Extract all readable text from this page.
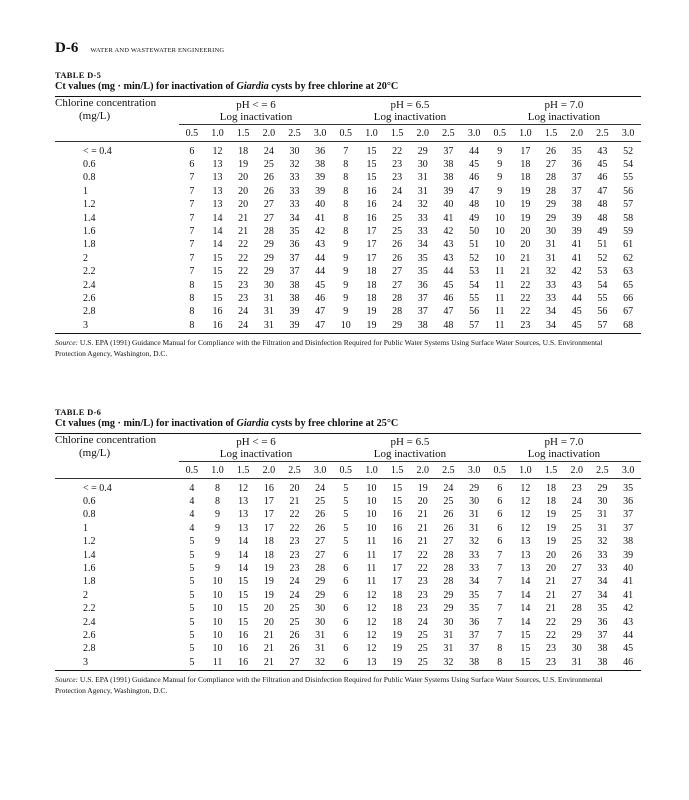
D-6 WATER AND WASTEWATER ENGINEERING
TABLE D-5
Ct values (mg · min/L) for inactivation of Giardia cysts by free chlorine at 20°C

Chlorine concentration
(mg/L)	pH < = 6						pH = 6.5						pH = 7.0					
	Log inactivation						Log inactivation						Log inactivation					
	0.5	1.0	1.5	2.0	2.5	3.0	0.5	1.0	1.5	2.0	2.5	3.0	0.5	1.0	1.5	2.0	2.5	3.0
< = 0.4	6	12	18	24	30	36	7	15	22	29	37	44	9	17	26	35	43	52
0.6	6	13	19	25	32	38	8	15	23	30	38	45	9	18	27	36	45	54
0.8	7	13	20	26	33	39	8	15	23	31	38	46	9	18	28	37	46	55
1	7	13	20	26	33	39	8	16	24	31	39	47	9	19	28	37	47	56
1.2	7	13	20	27	33	40	8	16	24	32	40	48	10	19	29	38	48	57
1.4	7	14	21	27	34	41	8	16	25	33	41	49	10	19	29	39	48	58
1.6	7	14	21	28	35	42	8	17	25	33	42	50	10	20	30	39	49	59
1.8	7	14	22	29	36	43	9	17	26	34	43	51	10	20	31	41	51	61
2	7	15	22	29	37	44	9	17	26	35	43	52	10	21	31	41	52	62
2.2	7	15	22	29	37	44	9	18	27	35	44	53	11	21	32	42	53	63
2.4	8	15	23	30	38	45	9	18	27	36	45	54	11	22	33	43	54	65
2.6	8	15	23	31	38	46	9	18	28	37	46	55	11	22	33	44	55	66
2.8	8	16	24	31	39	47	9	19	28	37	47	56	11	22	34	45	56	67
3	8	16	24	31	39	47	10	19	29	38	48	57	11	23	34	45	57	68
Source: U.S. EPA (1991) Guidance Manual for Compliance with the Filtration and Disinfection Required for Public Water Systems Using Surface Water Sources, U.S. Environmental Protection Agency, Washington, D.C.
TABLE D-6
Ct values (mg · min/L) for inactivation of Giardia cysts by free chlorine at 25°C

Chlorine concentration
(mg/L)	pH < = 6						pH = 6.5						pH = 7.0					
	Log inactivation						Log inactivation						Log inactivation					
	0.5	1.0	1.5	2.0	2.5	3.0	0.5	1.0	1.5	2.0	2.5	3.0	0.5	1.0	1.5	2.0	2.5	3.0
< = 0.4	4	8	12	16	20	24	5	10	15	19	24	29	6	12	18	23	29	35
0.6	4	8	13	17	21	25	5	10	15	20	25	30	6	12	18	24	30	36
0.8	4	9	13	17	22	26	5	10	16	21	26	31	6	12	19	25	31	37
1	4	9	13	17	22	26	5	10	16	21	26	31	6	12	19	25	31	37
1.2	5	9	14	18	23	27	5	11	16	21	27	32	6	13	19	25	32	38
1.4	5	9	14	18	23	27	6	11	17	22	28	33	7	13	20	26	33	39
1.6	5	9	14	19	23	28	6	11	17	22	28	33	7	13	20	27	33	40
1.8	5	10	15	19	24	29	6	11	17	23	28	34	7	14	21	27	34	41
2	5	10	15	19	24	29	6	12	18	23	29	35	7	14	21	27	34	41
2.2	5	10	15	20	25	30	6	12	18	23	29	35	7	14	21	28	35	42
2.4	5	10	15	20	25	30	6	12	18	24	30	36	7	14	22	29	36	43
2.6	5	10	16	21	26	31	6	12	19	25	31	37	7	15	22	29	37	44
2.8	5	10	16	21	26	31	6	12	19	25	31	37	8	15	23	30	38	45
3	5	11	16	21	27	32	6	13	19	25	32	38	8	15	23	31	38	46
Source: U.S. EPA (1991) Guidance Manual for Compliance with the Filtration and Disinfection Required for Public Water Systems Using Surface Water Sources, U.S. Environmental Protection Agency, Washington, D.C.
